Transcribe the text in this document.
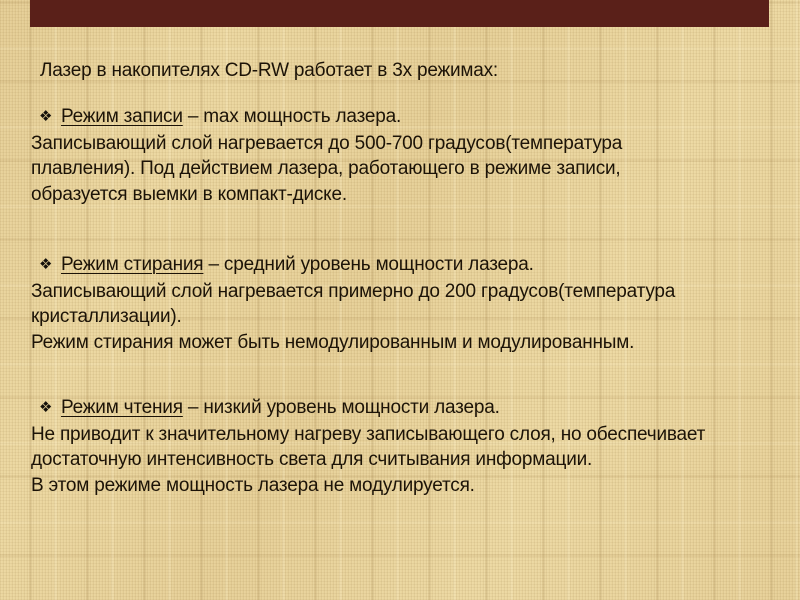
Лазер в накопителях CD-RW работает в 3х режимах:
❖ Режим записи – max мощность лазера.
Записывающий слой нагревается до 500-700 градусов(температура
плавления). Под действием лазера, работающего в режиме записи,
образуется выемки в компакт-диске.
❖ Режим стирания – средний уровень мощности лазера.
Записывающий слой нагревается примерно до 200 градусов(температура
кристаллизации).
Режим стирания может быть немодулированным и модулированным.
❖ Режим чтения – низкий уровень мощности лазера.
Не приводит к значительному нагреву записывающего слоя, но обеспечивает
достаточную интенсивность света для считывания информации.
В этом режиме мощность лазера не модулируется.
